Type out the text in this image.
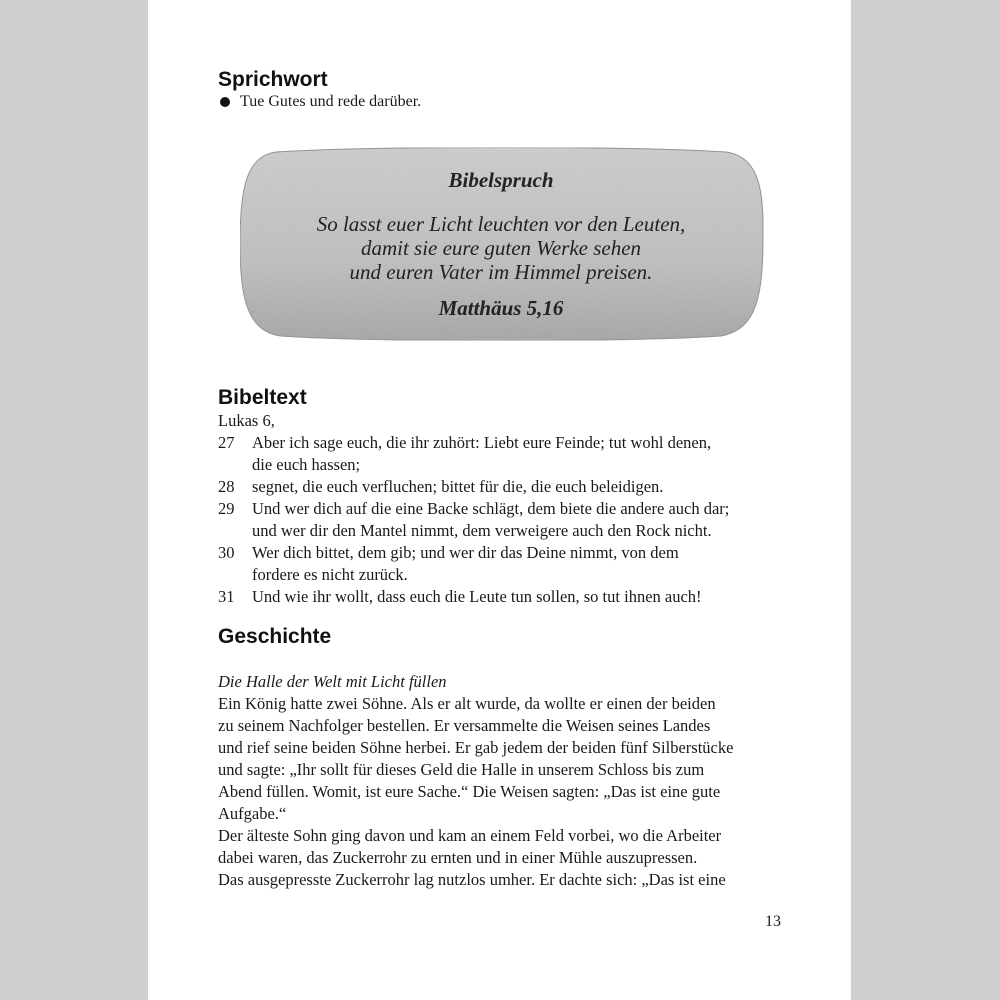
Sprichwort
Tue Gutes und rede darüber.
Bibelspruch
So lasst euer Licht leuchten vor den Leuten,
damit sie eure guten Werke sehen
und euren Vater im Himmel preisen.
Matthäus 5,16
Bibeltext
Lukas 6,
27	Aber ich sage euch, die ihr zuhört: Liebt eure Feinde; tut wohl denen,
die euch hassen;
28	segnet, die euch verfluchen; bittet für die, die euch beleidigen.
29	Und wer dich auf die eine Backe schlägt, dem biete die andere auch dar;
und wer dir den Mantel nimmt, dem verweigere auch den Rock nicht.
30	Wer dich bittet, dem gib; und wer dir das Deine nimmt, von dem
fordere es nicht zurück.
31	Und wie ihr wollt, dass euch die Leute tun sollen, so tut ihnen auch!
Geschichte
Die Halle der Welt mit Licht füllen
Ein König hatte zwei Söhne. Als er alt wurde, da wollte er einen der beiden
zu seinem Nachfolger bestellen. Er versammelte die Weisen seines Landes
und rief seine beiden Söhne herbei. Er gab jedem der beiden fünf Silberstücke
und sagte: „Ihr sollt für dieses Geld die Halle in unserem Schloss bis zum
Abend füllen. Womit, ist eure Sache.“ Die Weisen sagten: „Das ist eine gute
Aufgabe.“
Der älteste Sohn ging davon und kam an einem Feld vorbei, wo die Arbeiter
dabei waren, das Zuckerrohr zu ernten und in einer Mühle auszupressen.
Das ausgepresste Zuckerrohr lag nutzlos umher. Er dachte sich: „Das ist eine
13
